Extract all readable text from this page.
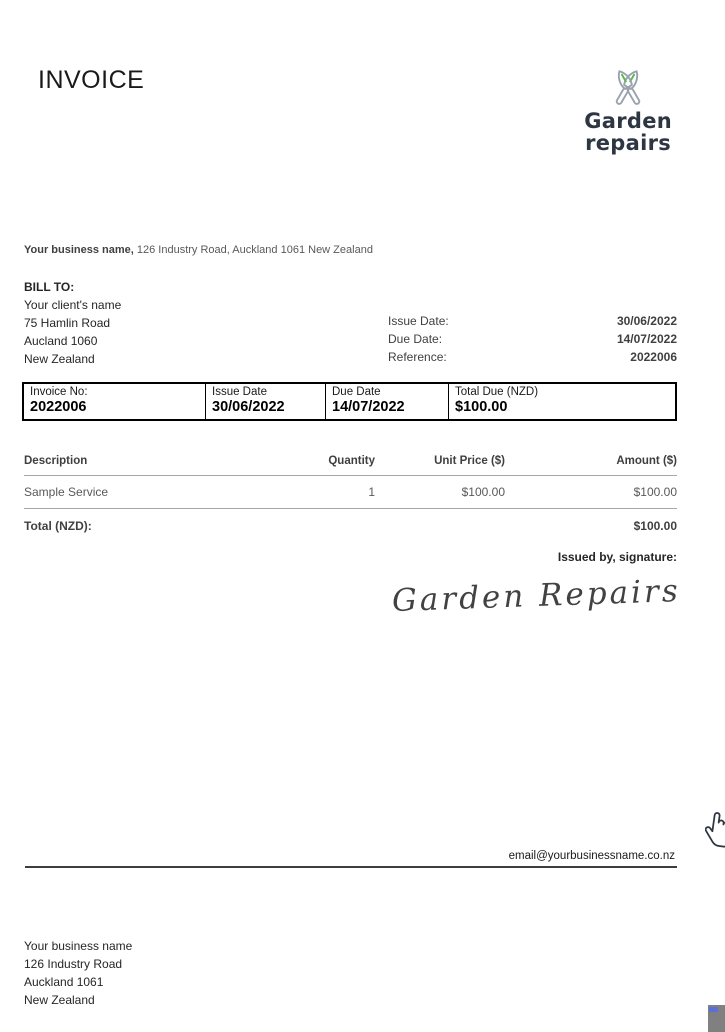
INVOICE
Garden
repairs
Your business name, 126 Industry Road, Auckland 1061 New Zealand
BILL TO:
Your client's name
75 Hamlin Road
Aucland 1060
New Zealand
Issue Date:	30/06/2022
Due Date:	14/07/2022
Reference:	2022006
Invoice No:
2022006
Issue Date
30/06/2022
Due Date
14/07/2022
Total Due (NZD)
$100.00
Description	Quantity	Unit Price ($)	Amount ($)
Sample Service	1	$100.00	$100.00
Total (NZD):	$100.00
Issued by, signature:
Garden Repairs
email@yourbusinessname.co.nz
Your business name
126 Industry Road
Auckland 1061
New Zealand
